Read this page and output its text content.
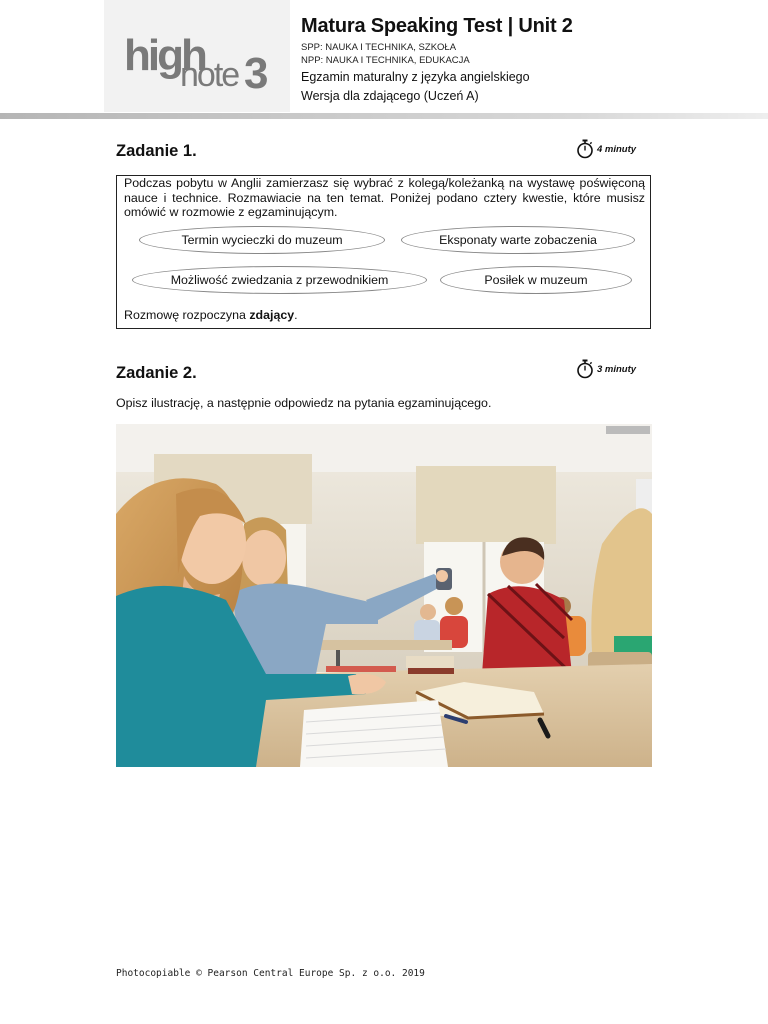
high
note 3
Matura Speaking Test | Unit 2
SPP: NAUKA I TECHNIKA, SZKOŁA
NPP: NAUKA I TECHNIKA, EDUKACJA
Egzamin maturalny z języka angielskiego
Wersja dla zdającego (Uczeń A)
Zadanie 1.	4 minuty
Podczas pobytu w Anglii zamierzasz się wybrać z kolegą/koleżanką na wystawę poświęconą nauce i technice. Rozmawiacie na ten temat. Poniżej podano cztery kwestie, które musisz omówić w rozmowie z egzaminującym.
Termin wycieczki do muzeum	Eksponaty warte zobaczenia
Możliwość zwiedzania z przewodnikiem	Posiłek w muzeum
Rozmowę rozpoczyna zdający.
Zadanie 2.	3 minuty
Opisz ilustrację, a następnie odpowiedz na pytania egzaminującego.
Photocopiable © Pearson Central Europe Sp. z o.o. 2019
